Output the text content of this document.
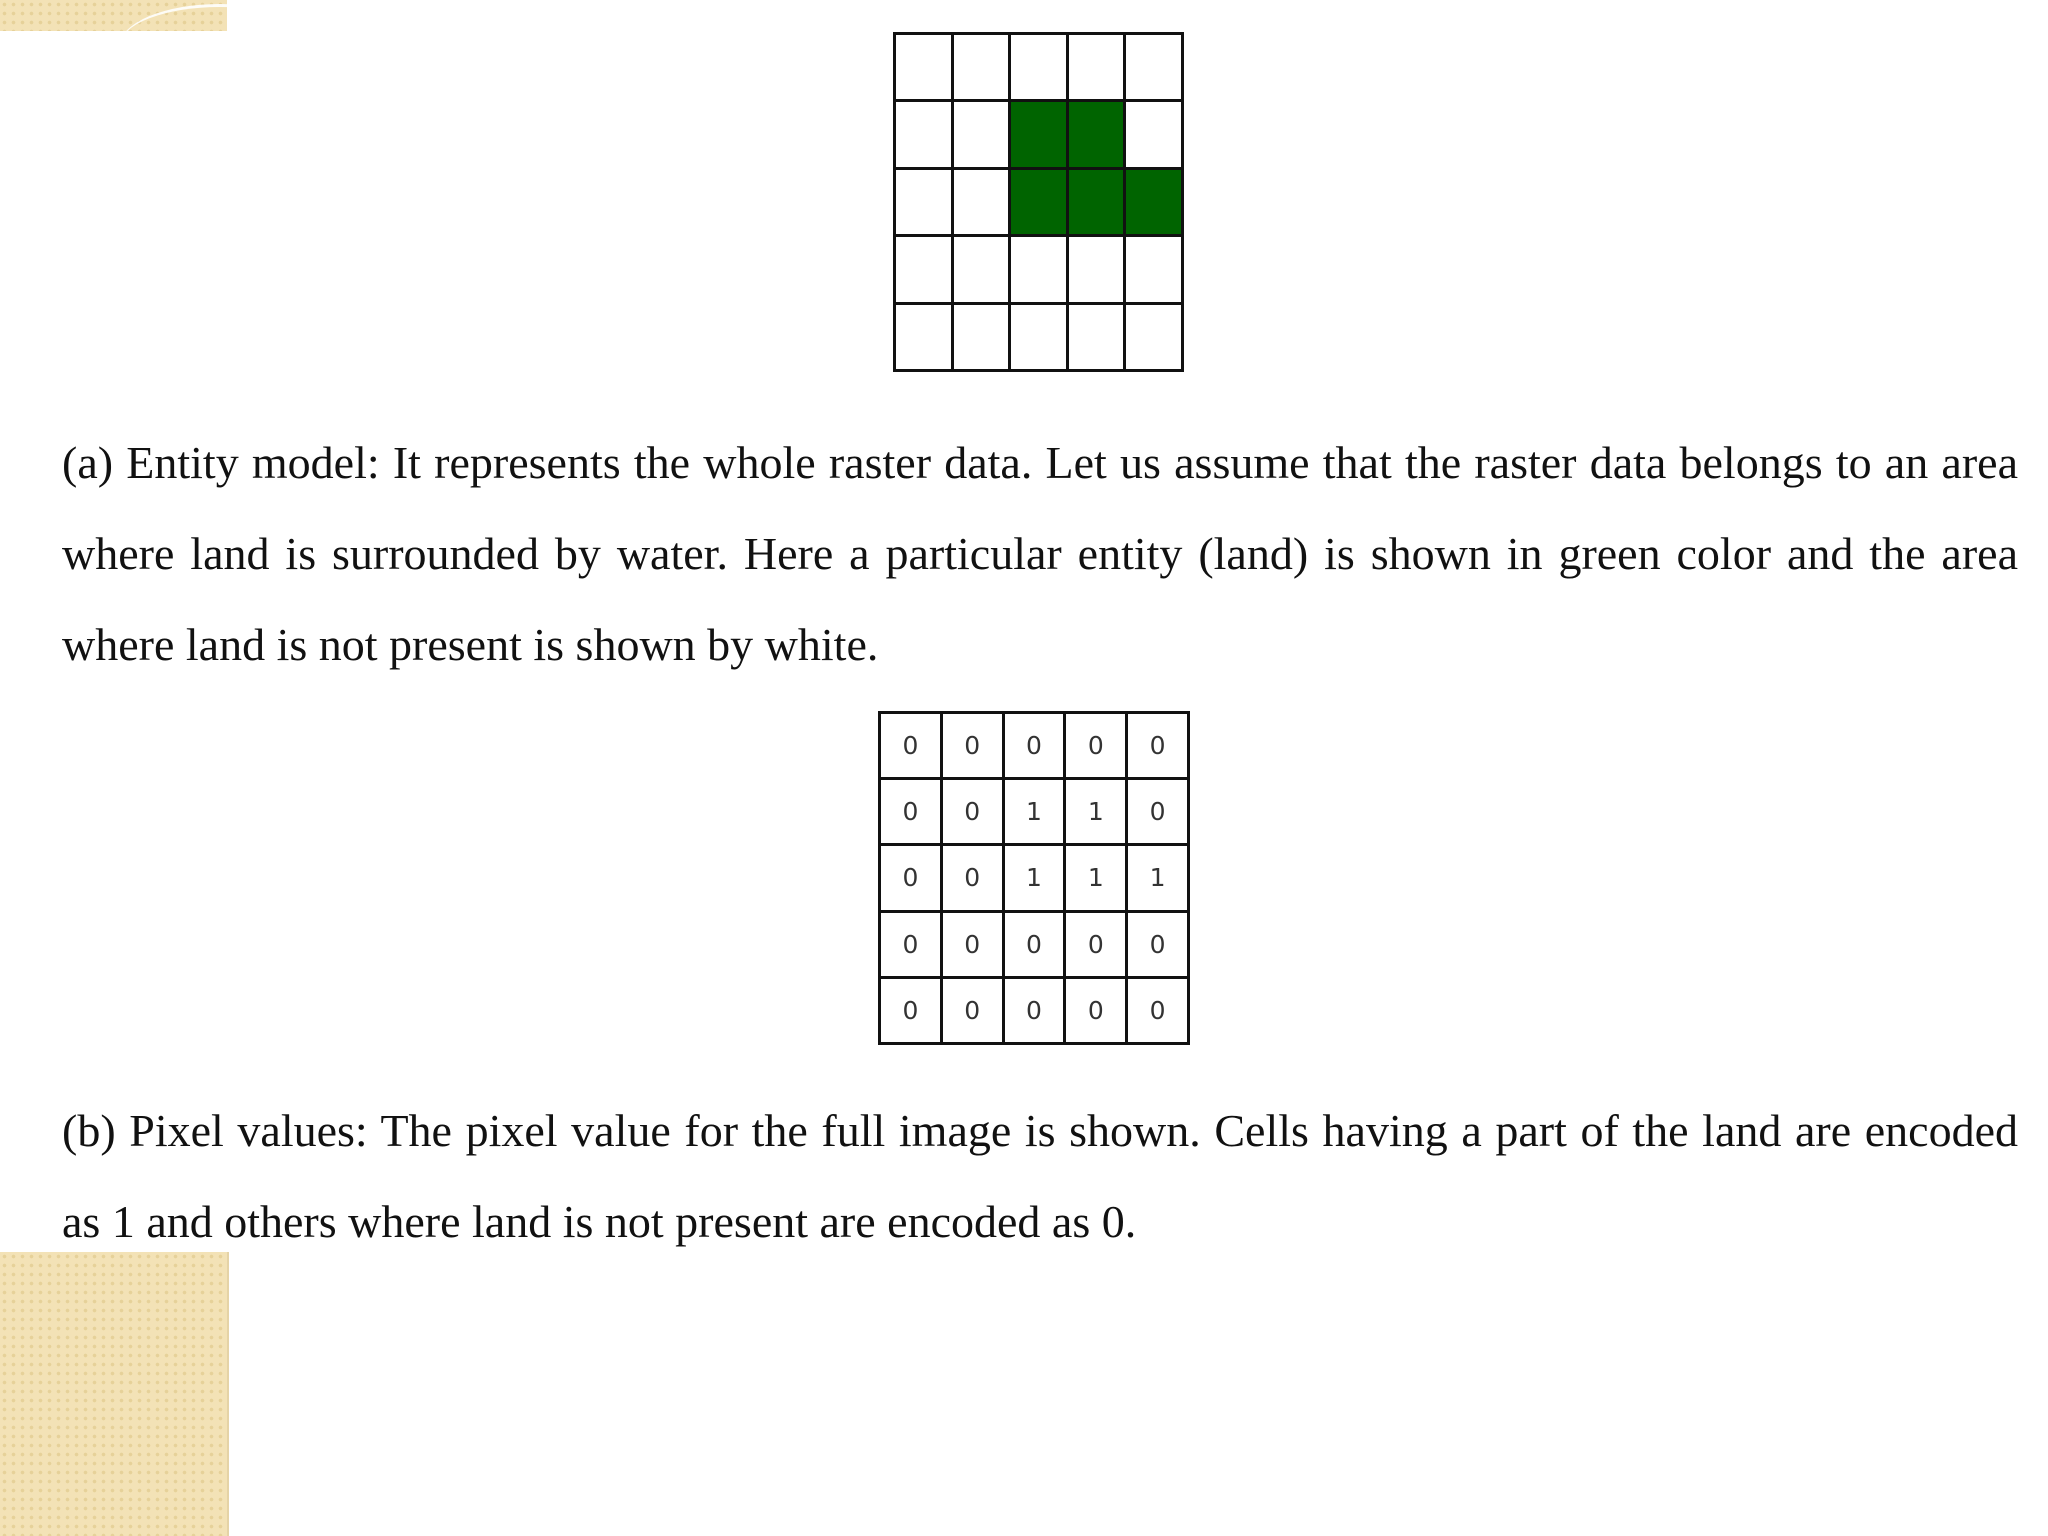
(a) Entity model: It represents the whole raster data. Let us assume that the raster data belongs to an area where land is surrounded by water. Here a particular entity (land) is shown in green color and the area where land is not present is shown by white.

0	0	0	0	0
0	0	1	1	0
0	0	1	1	1
0	0	0	0	0
0	0	0	0	0

(b) Pixel values: The pixel value for the full image is shown. Cells having a part of the land are encoded as 1 and others where land is not present are encoded as 0.
